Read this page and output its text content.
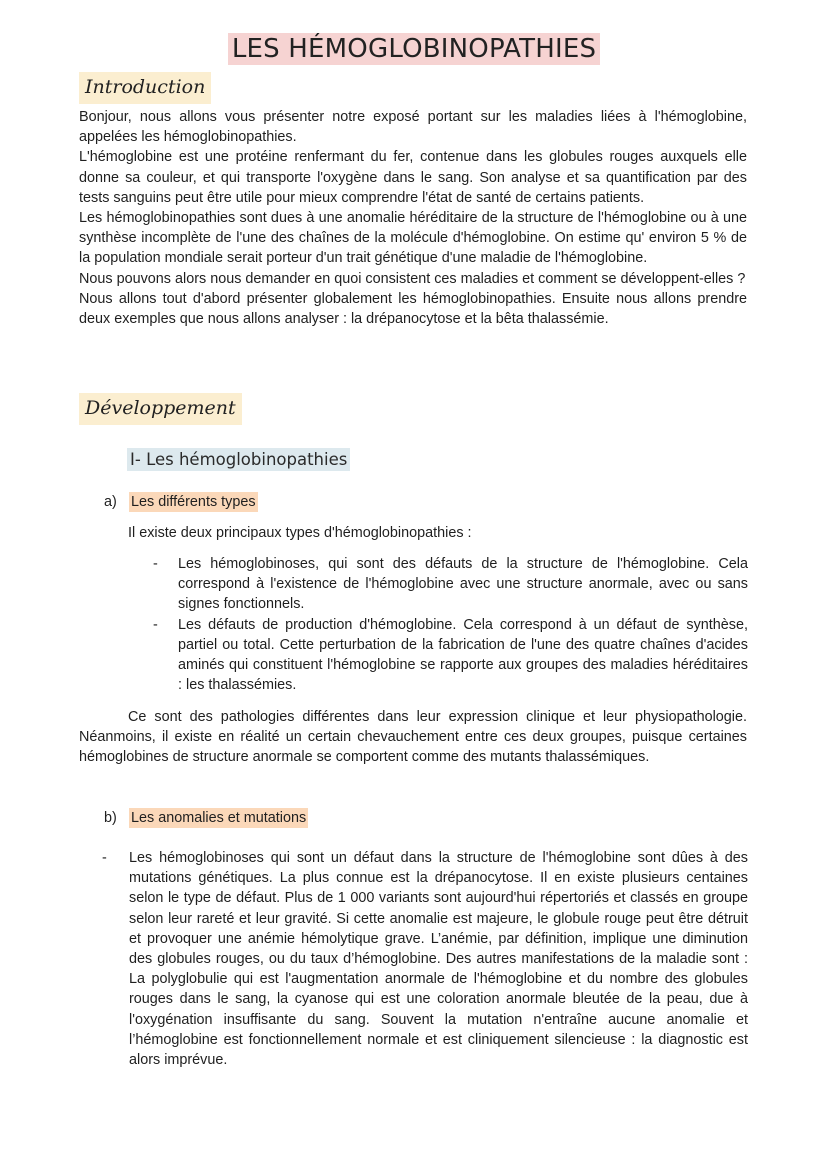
LES HÉMOGLOBINOPATHIES
Introduction

Bonjour, nous allons vous présenter notre exposé portant sur les maladies liées à l'hémoglobine, appelées les hémoglobinopathies.

L'hémoglobine est une protéine renfermant du fer, contenue dans les globules rouges auxquels elle donne sa couleur, et qui transporte l'oxygène dans le sang. Son analyse et sa quantification par des tests sanguins peut être utile pour mieux comprendre l'état de santé de certains patients.

Les hémoglobinopathies sont dues à une anomalie héréditaire de la structure de l'hémoglobine ou à une synthèse incomplète de l'une des chaînes de la molécule d'hémoglobine. On estime qu' environ 5 % de la population mondiale serait porteur d'un trait génétique d'une maladie de l'hémoglobine.

Nous pouvons alors nous demander en quoi consistent ces maladies et comment se développent-elles ?

Nous allons tout d'abord présenter globalement les hémoglobinopathies. Ensuite nous allons prendre deux exemples que nous allons analyser : la drépanocytose et la bêta thalassémie.

Développement
I- Les hémoglobinopathies
a) Les différents types
Il existe deux principaux types d'hémoglobinopathies :
- Les hémoglobinoses, qui sont des défauts de la structure de l'hémoglobine. Cela correspond à l'existence de l'hémoglobine avec une structure anormale, avec ou sans signes fonctionnels.
- Les défauts de production d'hémoglobine. Cela correspond à un défaut de synthèse, partiel ou total. Cette perturbation de la fabrication de l'une des quatre chaînes d'acides aminés qui constituent l'hémoglobine se rapporte aux groupes des maladies héréditaires : les thalassémies.
Ce sont des pathologies différentes dans leur expression clinique et leur physiopathologie. Néanmoins, il existe en réalité un certain chevauchement entre ces deux groupes, puisque certaines hémoglobines de structure anormale se comportent comme des mutants thalassémiques.
b) Les anomalies et mutations
- Les hémoglobinoses qui sont un défaut dans la structure de l'hémoglobine sont dûes à des mutations génétiques. La plus connue est la drépanocytose. Il en existe plusieurs centaines selon le type de défaut. Plus de 1 000 variants sont aujourd'hui répertoriés et classés en groupe selon leur rareté et leur gravité. Si cette anomalie est majeure, le globule rouge peut être détruit et provoquer une anémie hémolytique grave. L’anémie, par définition, implique une diminution des globules rouges, ou du taux d’hémoglobine. Des autres manifestations de la maladie sont : La polyglobulie qui est l'augmentation anormale de l'hémoglobine et du nombre des globules rouges dans le sang, la cyanose qui est une coloration anormale bleutée de la peau, due à l'oxygénation insuffisante du sang. Souvent la mutation n'entraîne aucune anomalie et l’hémoglobine est fonctionnellement normale et est cliniquement silencieuse : la diagnostic est alors imprévue.
